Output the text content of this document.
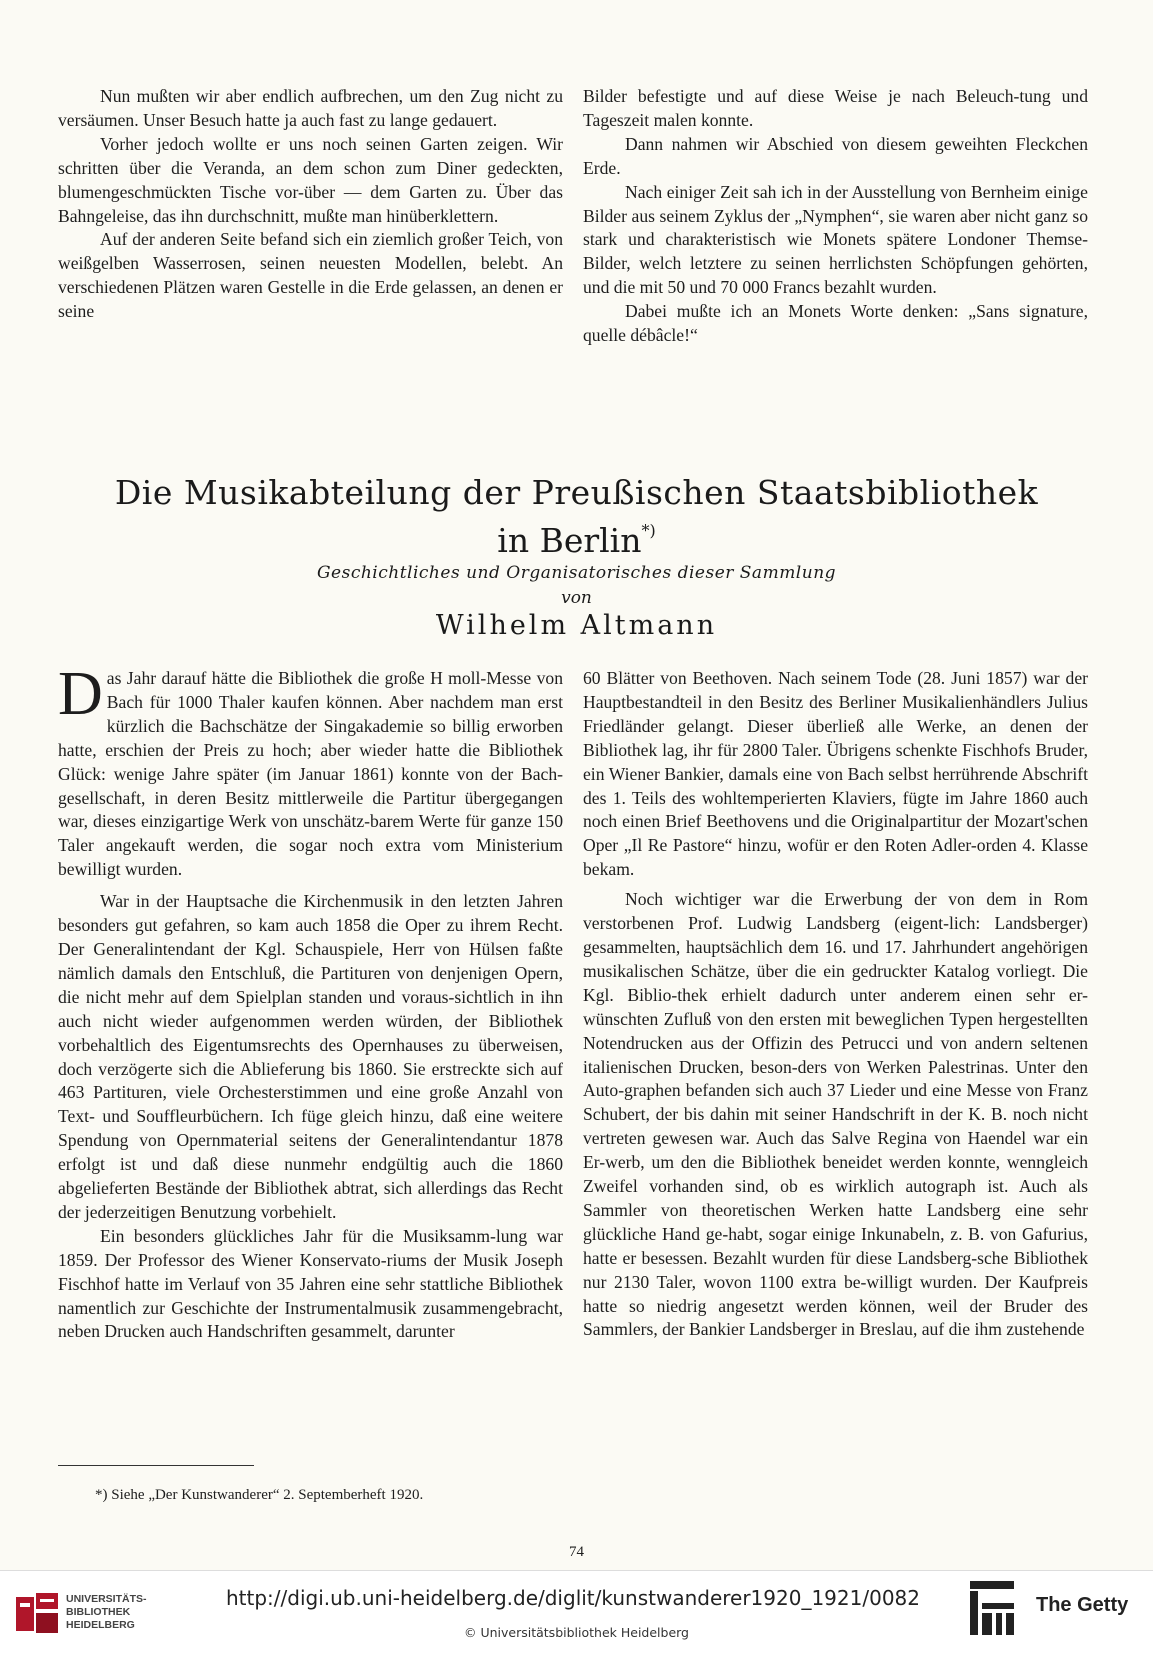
Nun mußten wir aber endlich aufbrechen, um den Zug nicht zu versäumen. Unser Besuch hatte ja auch fast zu lange gedauert.

Vorher jedoch wollte er uns noch seinen Garten zeigen. Wir schritten über die Veranda, an dem schon zum Diner gedeckten, blumengeschmückten Tische vor-über — dem Garten zu. Über das Bahngeleise, das ihn durchschnitt, mußte man hinüberklettern.

Auf der anderen Seite befand sich ein ziemlich großer Teich, von weißgelben Wasserrosen, seinen neuesten Modellen, belebt. An verschiedenen Plätzen waren Gestelle in die Erde gelassen, an denen er seine

Bilder befestigte und auf diese Weise je nach Beleuch-tung und Tageszeit malen konnte.

Dann nahmen wir Abschied von diesem geweihten Fleckchen Erde.

Nach einiger Zeit sah ich in der Ausstellung von Bernheim einige Bilder aus seinem Zyklus der „Nymphen“, sie waren aber nicht ganz so stark und charakteristisch wie Monets spätere Londoner Themse-Bilder, welch letztere zu seinen herrlichsten Schöpfungen gehörten, und die mit 50 und 70 000 Francs bezahlt wurden.

Dabei mußte ich an Monets Worte denken: „Sans signature, quelle débâcle!“

Die Musikabteilung der Preußischen Staatsbibliothek
in Berlin*)
Geschichtliches und Organisatorisches dieser Sammlung
von
Wilhelm Altmann

Das Jahr darauf hätte die Bibliothek die große H moll-Messe von Bach für 1000 Thaler kaufen können. Aber nachdem man erst kürzlich die Bachschätze der Singakademie so billig erworben hatte, erschien der Preis zu hoch; aber wieder hatte die Bibliothek Glück: wenige Jahre später (im Januar 1861) konnte von der Bach-gesellschaft, in deren Besitz mittlerweile die Partitur übergegangen war, dieses einzigartige Werk von unschätz-barem Werte für ganze 150 Taler angekauft werden, die sogar noch extra vom Ministerium bewilligt wurden.

War in der Hauptsache die Kirchenmusik in den letzten Jahren besonders gut gefahren, so kam auch 1858 die Oper zu ihrem Recht. Der Generalintendant der Kgl. Schauspiele, Herr von Hülsen faßte nämlich damals den Entschluß, die Partituren von denjenigen Opern, die nicht mehr auf dem Spielplan standen und voraus-sichtlich in ihn auch nicht wieder aufgenommen werden würden, der Bibliothek vorbehaltlich des Eigentumsrechts des Opernhauses zu überweisen, doch verzögerte sich die Ablieferung bis 1860. Sie erstreckte sich auf 463 Partituren, viele Orchesterstimmen und eine große Anzahl von Text- und Souffleurbüchern. Ich füge gleich hinzu, daß eine weitere Spendung von Opernmaterial seitens der Generalintendantur 1878 erfolgt ist und daß diese nunmehr endgültig auch die 1860 abgelieferten Bestände der Bibliothek abtrat, sich allerdings das Recht der jederzeitigen Benutzung vorbehielt.

Ein besonders glückliches Jahr für die Musiksamm-lung war 1859. Der Professor des Wiener Konservato-riums der Musik Joseph Fischhof hatte im Verlauf von 35 Jahren eine sehr stattliche Bibliothek namentlich zur Geschichte der Instrumentalmusik zusammengebracht, neben Drucken auch Handschriften gesammelt, darunter

60 Blätter von Beethoven. Nach seinem Tode (28. Juni 1857) war der Hauptbestandteil in den Besitz des Berliner Musikalienhändlers Julius Friedländer gelangt. Dieser überließ alle Werke, an denen der Bibliothek lag, ihr für 2800 Taler. Übrigens schenkte Fischhofs Bruder, ein Wiener Bankier, damals eine von Bach selbst herrührende Abschrift des 1. Teils des wohltemperierten Klaviers, fügte im Jahre 1860 auch noch einen Brief Beethovens und die Originalpartitur der Mozart'schen Oper „Il Re Pastore“ hinzu, wofür er den Roten Adler-orden 4. Klasse bekam.

Noch wichtiger war die Erwerbung der von dem in Rom verstorbenen Prof. Ludwig Landsberg (eigent-lich: Landsberger) gesammelten, hauptsächlich dem 16. und 17. Jahrhundert angehörigen musikalischen Schätze, über die ein gedruckter Katalog vorliegt. Die Kgl. Biblio-thek erhielt dadurch unter anderem einen sehr er-wünschten Zufluß von den ersten mit beweglichen Typen hergestellten Notendrucken aus der Offizin des Petrucci und von andern seltenen italienischen Drucken, beson-ders von Werken Palestrinas. Unter den Auto-graphen befanden sich auch 37 Lieder und eine Messe von Franz Schubert, der bis dahin mit seiner Handschrift in der K. B. noch nicht vertreten gewesen war. Auch das Salve Regina von Haendel war ein Er-werb, um den die Bibliothek beneidet werden konnte, wenngleich Zweifel vorhanden sind, ob es wirklich autograph ist. Auch als Sammler von theoretischen Werken hatte Landsberg eine sehr glückliche Hand ge-habt, sogar einige Inkunabeln, z. B. von Gafurius, hatte er besessen. Bezahlt wurden für diese Landsberg-sche Bibliothek nur 2130 Taler, wovon 1100 extra be-willigt wurden. Der Kaufpreis hatte so niedrig angesetzt werden können, weil der Bruder des Sammlers, der Bankier Landsberger in Breslau, auf die ihm zustehende

*) Siehe „Der Kunstwanderer“ 2. Septemberheft 1920.
74
UNIVERSITÄTS-
BIBLIOTHEK
HEIDELBERG
http://digi.ub.uni-heidelberg.de/diglit/kunstwanderer1920_1921/0082
© Universitätsbibliothek Heidelberg
The Getty
